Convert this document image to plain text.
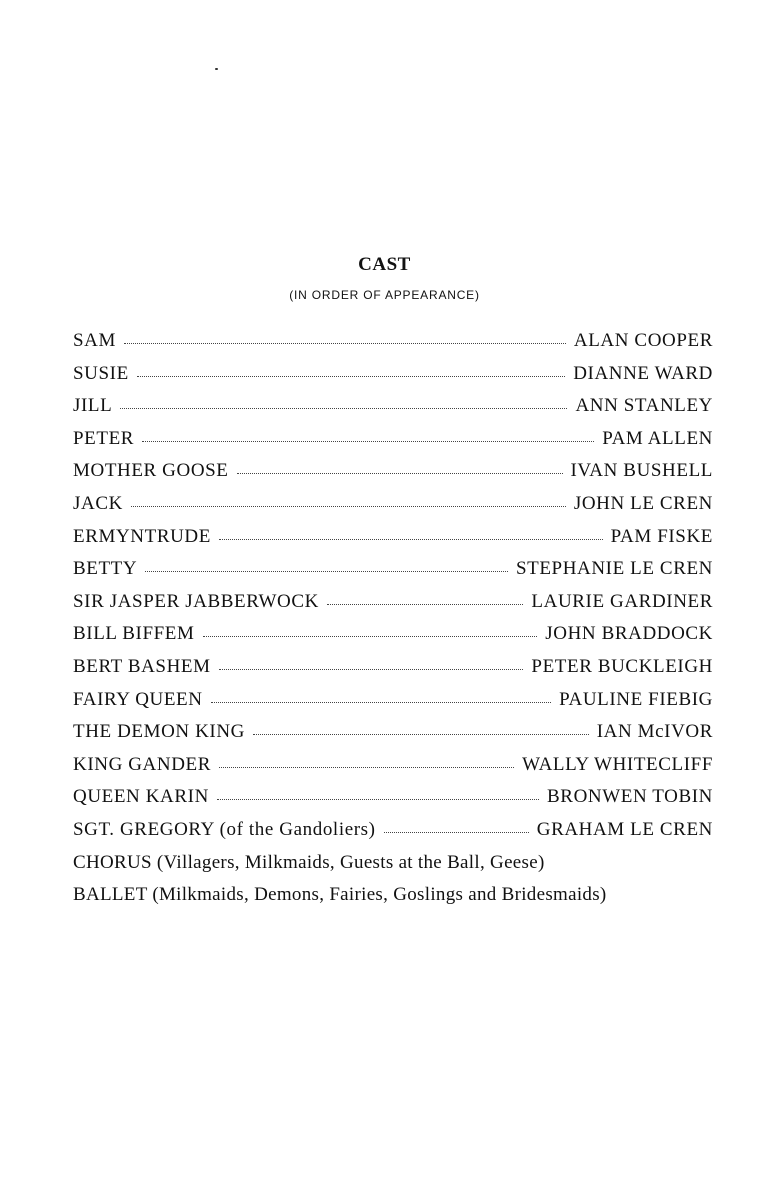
CAST
(IN ORDER OF APPEARANCE)
SAM	ALAN COOPER
SUSIE	DIANNE WARD
JILL	ANN STANLEY
PETER	PAM ALLEN
MOTHER GOOSE	IVAN BUSHELL
JACK	JOHN LE CREN
ERMYNTRUDE	PAM FISKE
BETTY	STEPHANIE LE CREN
SIR JASPER JABBERWOCK	LAURIE GARDINER
BILL BIFFEM	JOHN BRADDOCK
BERT BASHEM	PETER BUCKLEIGH
FAIRY QUEEN	PAULINE FIEBIG
THE DEMON KING	IAN McIVOR
KING GANDER	WALLY WHITECLIFF
QUEEN KARIN	BRONWEN TOBIN
SGT. GREGORY (of the Gandoliers)	GRAHAM LE CREN
CHORUS (Villagers, Milkmaids, Guests at the Ball, Geese)
BALLET (Milkmaids, Demons, Fairies, Goslings and Bridesmaids)
